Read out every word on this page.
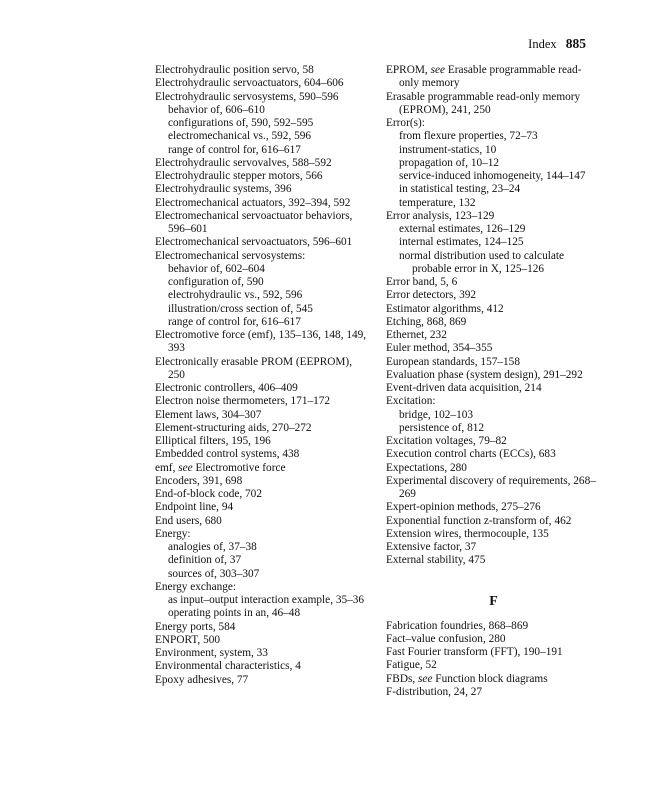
Index 885
Electrohydraulic position servo, 58
Electrohydraulic servoactuators, 604–606
Electrohydraulic servosystems, 590–596
behavior of, 606–610
configurations of, 590, 592–595
electromechanical vs., 592, 596
range of control for, 616–617
Electrohydraulic servovalves, 588–592
Electrohydraulic stepper motors, 566
Electrohydraulic systems, 396
Electromechanical actuators, 392–394, 592
Electromechanical servoactuator behaviors, 596–601
Electromechanical servoactuators, 596–601
Electromechanical servosystems:
behavior of, 602–604
configuration of, 590
electrohydraulic vs., 592, 596
illustration/cross section of, 545
range of control for, 616–617
Electromotive force (emf), 135–136, 148, 149, 393
Electronically erasable PROM (EEPROM), 250
Electronic controllers, 406–409
Electron noise thermometers, 171–172
Element laws, 304–307
Element-structuring aids, 270–272
Elliptical filters, 195, 196
Embedded control systems, 438
emf, see Electromotive force
Encoders, 391, 698
End-of-block code, 702
Endpoint line, 94
End users, 680
Energy:
analogies of, 37–38
definition of, 37
sources of, 303–307
Energy exchange:
as input–output interaction example, 35–36
operating points in an, 46–48
Energy ports, 584
ENPORT, 500
Environment, system, 33
Environmental characteristics, 4
Epoxy adhesives, 77
EPROM, see Erasable programmable read-only memory
Erasable programmable read-only memory (EPROM), 241, 250
Error(s):
from flexure properties, 72–73
instrument-statics, 10
propagation of, 10–12
service-induced inhomogeneity, 144–147
in statistical testing, 23–24
temperature, 132
Error analysis, 123–129
external estimates, 126–129
internal estimates, 124–125
normal distribution used to calculate probable error in X, 125–126
Error band, 5, 6
Error detectors, 392
Estimator algorithms, 412
Etching, 868, 869
Ethernet, 232
Euler method, 354–355
European standards, 157–158
Evaluation phase (system design), 291–292
Event-driven data acquisition, 214
Excitation:
bridge, 102–103
persistence of, 812
Excitation voltages, 79–82
Execution control charts (ECCs), 683
Expectations, 280
Experimental discovery of requirements, 268–269
Expert-opinion methods, 275–276
Exponential function z-transform of, 462
Extension wires, thermocouple, 135
Extensive factor, 37
External stability, 475
F
Fabrication foundries, 868–869
Fact–value confusion, 280
Fast Fourier transform (FFT), 190–191
Fatigue, 52
FBDs, see Function block diagrams
F-distribution, 24, 27
